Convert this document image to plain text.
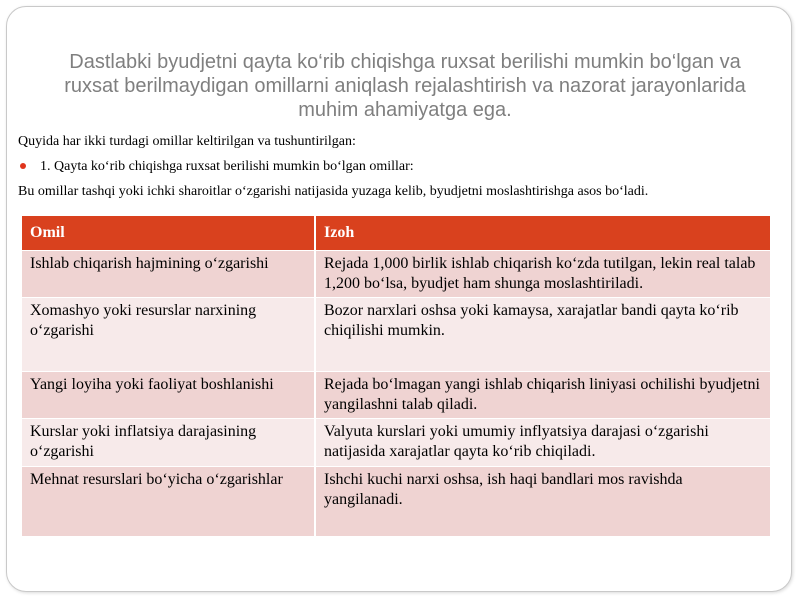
Dastlabki byudjetni qayta ko‘rib chiqishga ruxsat berilishi mumkin bo‘lgan va ruxsat berilmaydigan omillarni aniqlash rejalashtirish va nazorat jarayonlarida muhim ahamiyatga ega.
Quyida har ikki turdagi omillar keltirilgan va tushuntirilgan:
1. Qayta ko‘rib chiqishga ruxsat berilishi mumkin bo‘lgan omillar:
Bu omillar tashqi yoki ichki sharoitlar o‘zgarishi natijasida yuzaga kelib, byudjetni moslashtirishga asos bo‘ladi.
Omil	Izoh
Ishlab chiqarish hajmining o‘zgarishi	Rejada 1,000 birlik ishlab chiqarish ko‘zda tutilgan, lekin real talab 1,200 bo‘lsa, byudjet ham shunga moslashtiriladi.
Xomashyo yoki resurslar narxining o‘zgarishi	Bozor narxlari oshsa yoki kamaysa, xarajatlar bandi qayta ko‘rib chiqilishi mumkin.
Yangi loyiha yoki faoliyat boshlanishi	Rejada bo‘lmagan yangi ishlab chiqarish liniyasi ochilishi byudjetni yangilashni talab qiladi.
Kurslar yoki inflatsiya darajasining o‘zgarishi	Valyuta kurslari yoki umumiy inflyatsiya darajasi o‘zgarishi natijasida xarajatlar qayta ko‘rib chiqiladi.
Mehnat resurslari bo‘yicha o‘zgarishlar	Ishchi kuchi narxi oshsa, ish haqi bandlari mos ravishda yangilanadi.
